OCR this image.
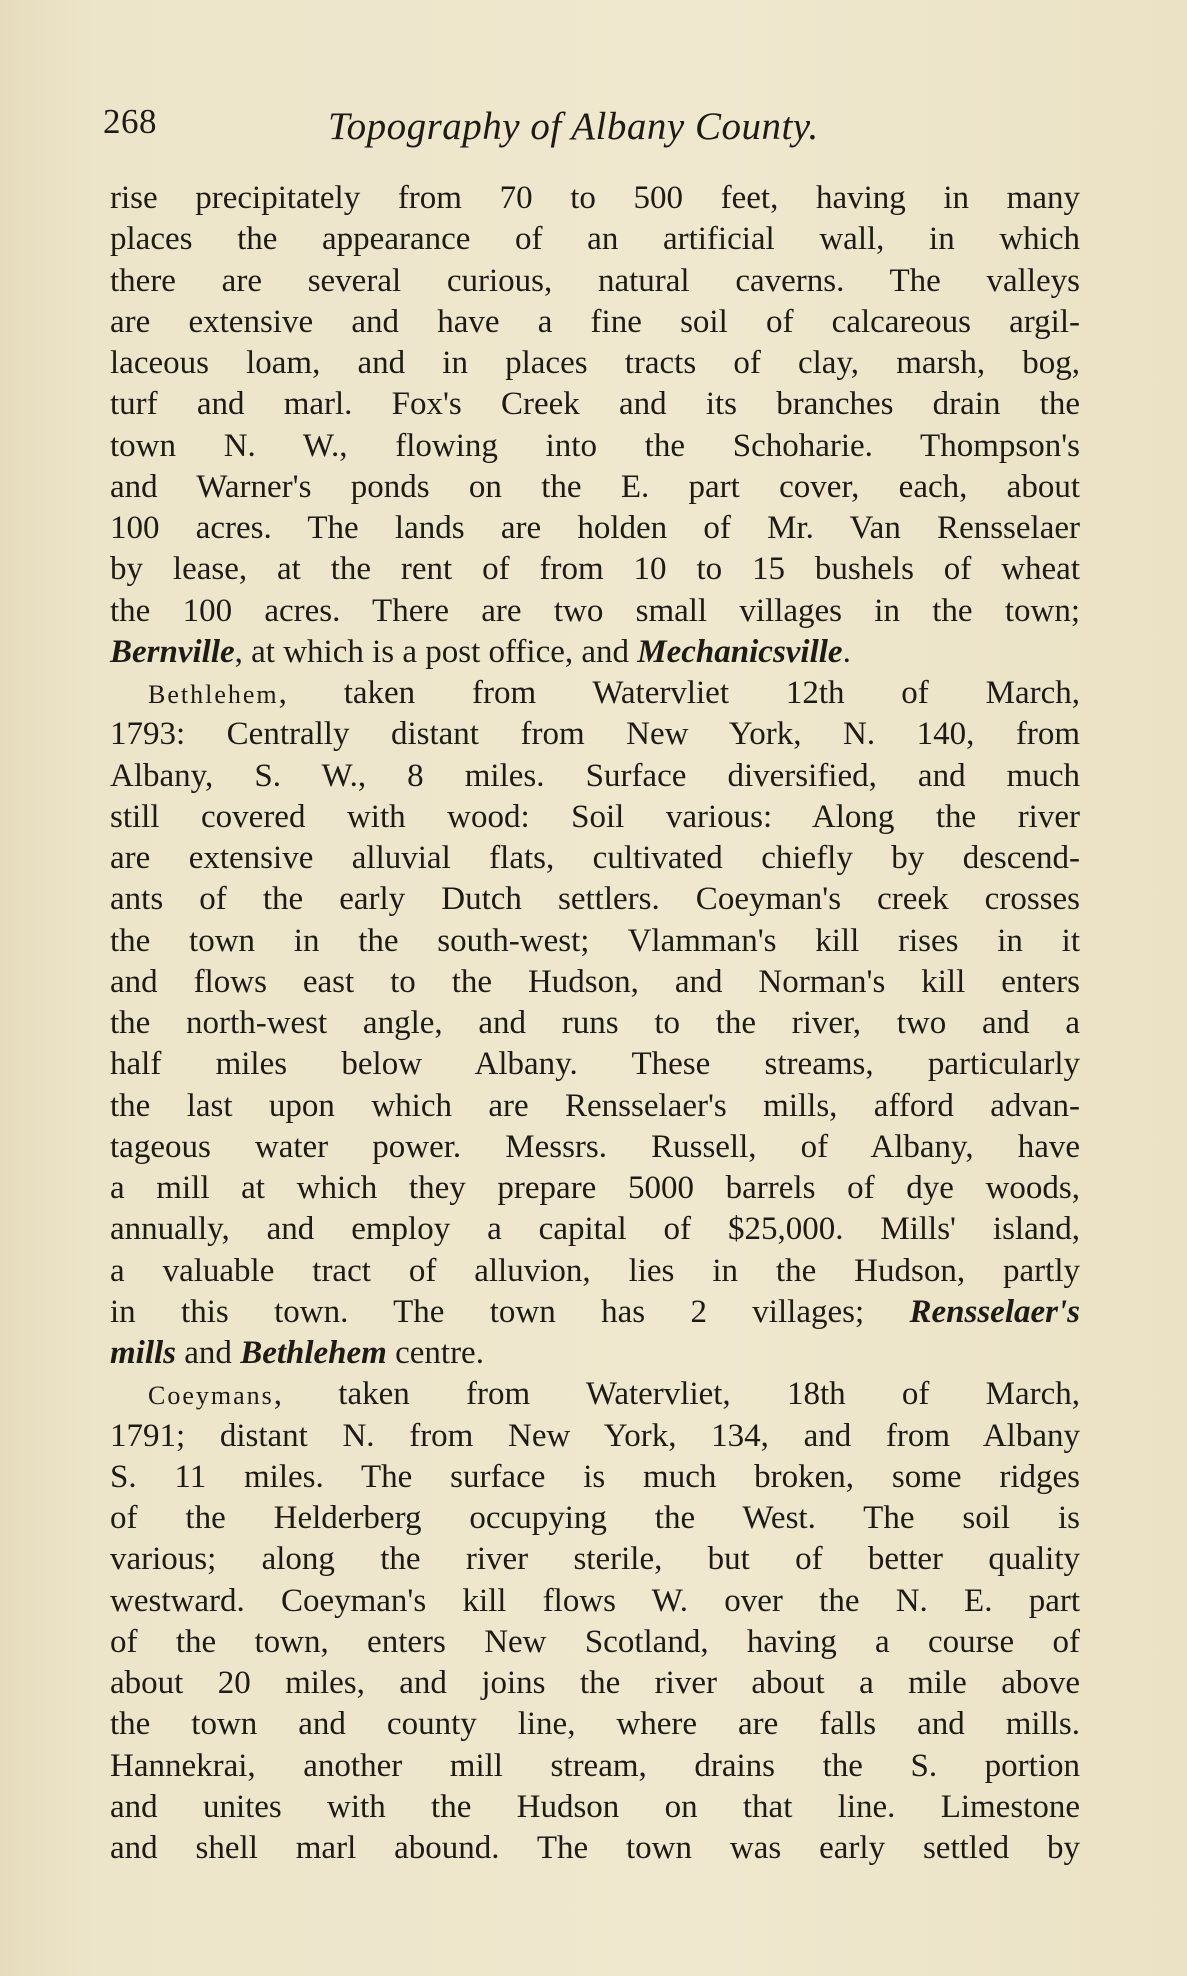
268	Topography of Albany County.
rise precipitately from 70 to 500 feet, having in many
places the appearance of an artificial wall, in which
there are several curious, natural caverns. The valleys
are extensive and have a fine soil of calcareous argil-
laceous loam, and in places tracts of clay, marsh, bog,
turf and marl. Fox's Creek and its branches drain the
town N. W., flowing into the Schoharie. Thompson's
and Warner's ponds on the E. part cover, each, about
100 acres. The lands are holden of Mr. Van Rensselaer
by lease, at the rent of from 10 to 15 bushels of wheat
the 100 acres. There are two small villages in the town;
Bernville, at which is a post office, and Mechanicsville.
Bethlehem, taken from Watervliet 12th of March,
1793: Centrally distant from New York, N. 140, from
Albany, S. W., 8 miles. Surface diversified, and much
still covered with wood: Soil various: Along the river
are extensive alluvial flats, cultivated chiefly by descend-
ants of the early Dutch settlers. Coeyman's creek crosses
the town in the south-west; Vlamman's kill rises in it
and flows east to the Hudson, and Norman's kill enters
the north-west angle, and runs to the river, two and a
half miles below Albany. These streams, particularly
the last upon which are Rensselaer's mills, afford advan-
tageous water power. Messrs. Russell, of Albany, have
a mill at which they prepare 5000 barrels of dye woods,
annually, and employ a capital of $25,000. Mills' island,
a valuable tract of alluvion, lies in the Hudson, partly
in this town. The town has 2 villages; Rensselaer's
mills and Bethlehem centre.
Coeymans, taken from Watervliet, 18th of March,
1791; distant N. from New York, 134, and from Albany
S. 11 miles. The surface is much broken, some ridges
of the Helderberg occupying the West. The soil is
various; along the river sterile, but of better quality
westward. Coeyman's kill flows W. over the N. E. part
of the town, enters New Scotland, having a course of
about 20 miles, and joins the river about a mile above
the town and county line, where are falls and mills.
Hannekrai, another mill stream, drains the S. portion
and unites with the Hudson on that line. Limestone
and shell marl abound. The town was early settled by
